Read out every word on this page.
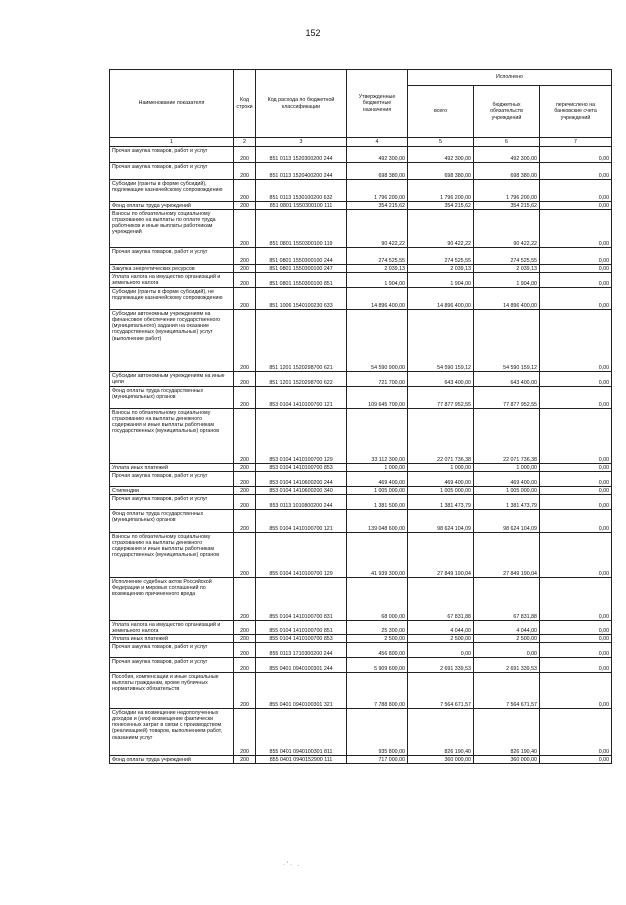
152
Наименование показателя	Код строки	Код расхода по бюджетной классификации	Утвержденные бюджетные назначения	Исполнено		
				всего	бюджетных обязательств учреждений	перечислено на банковские счета учреждений
1	2	3	4	5	6	7
Прочая закупка товаров, работ и услуг	200	851 0113 1520300200 244	492 300,00	492 300,00	492 300,00	0,00
Прочая закупка товаров, работ и услуг	200	851 0113 1520400200 244	698 380,00	698 380,00	698 380,00	0,00
Субсидии (гранты в форме субсидий), подлежащие казначейскому сопровождению	200	851 0113 1530100200 632	1 796 200,00	1 796 200,00	1 796 200,00	0,00
Фонд оплаты труда учреждений	200	851 0801 1550300100 111	354 215,62	354 215,62	354 215,62	0,00
Взносы по обязательному социальному страхованию на выплаты по оплате труда работников и иные выплаты работникам учреждений	200	851 0801 1550300100 119	90 422,22	90 422,22	90 422,22	0,00
Прочая закупка товаров, работ и услуг	200	851 0801 1550300100 244	274 525,55	274 525,55	274 525,55	0,00
Закупка энергетических ресурсов	200	851 0801 1550300100 247	2 039,13	2 039,13	2 039,13	0,00
Уплата налога на имущество организаций и земельного налога	200	851 0801 1550300100 851	1 904,00	1 904,00	1 904,00	0,00
Субсидии (гранты в форме субсидий), не подлежащие казначейскому сопровождению	200	851 1006 1540100230 633	14 896 400,00	14 896 400,00	14 896 400,00	0,00
Субсидии автономным учреждениям на финансовое обеспечение государственного (муниципального) задания на оказание государственных (муниципальных) услуг (выполнение работ)	200	851 1201 1520298700 621	54 590 900,00	54 590 159,12	54 590 159,12	0,00
Субсидии автономным учреждениям на иные цели	200	851 1201 1520298700 622	721 700,00	643 400,00	643 400,00	0,00
Фонд оплаты труда государственных (муниципальных) органов	200	853 0104 1410100700 121	109 645 700,00	77 877 952,55	77 877 952,55	0,00
Взносы по обязательному социальному страхованию на выплаты денежного содержания и иные выплаты работникам государственных (муниципальных) органов	200	853 0104 1410100700 129	33 112 300,00	22 071 736,38	22 071 736,38	0,00
Уплата иных платежей	200	853 0104 1410100700 853	1 000,00	1 000,00	1 000,00	0,00
Прочая закупка товаров, работ и услуг	200	853 0104 1410600200 244	469 400,00	469 400,00	469 400,00	0,00
Стипендии	200	853 0104 1410600200 340	1 005 000,00	1 005 000,00	1 005 000,00	0,00
Прочая закупка товаров, работ и услуг	200	853 0113 1010800200 244	1 381 500,00	1 381 473,79	1 381 473,79	0,00
Фонд оплаты труда государственных (муниципальных) органов	200	855 0104 1410100700 121	139 048 600,00	98 624 104,09	98 624 104,09	0,00
Взносы по обязательному социальному страхованию на выплаты денежного содержания и иные выплаты работникам государственных (муниципальных) органов	200	855 0104 1410100700 129	41 939 300,00	27 849 190,04	27 849 190,04	0,00
Исполнение судебных актов Российской Федерации и мировых соглашений по возмещению причиненного вреда	200	855 0104 1410100700 831	68 000,00	67 831,88	67 831,88	0,00
Уплата налога на имущество организаций и земельного налога	200	855 0104 1410100700 851	25 300,00	4 044,00	4 044,00	0,00
Уплата иных платежей	200	855 0104 1410100700 853	2 500,00	2 500,00	2 500,00	0,00
Прочая закупка товаров, работ и услуг	200	855 0113 1710300200 244	456 800,00	0,00	0,00	0,00
Прочая закупка товаров, работ и услуг	200	855 0401 0940100301 244	5 909 600,00	2 691 339,53	2 691 339,53	0,00
Пособия, компенсации и иные социальные выплаты гражданам, кроме публичных нормативных обязательств	200	855 0401 0940100301 321	7 788 800,00	7 564 671,57	7 564 671,57	0,00
Субсидии на возмещение недополученных доходов и (или) возмещение фактически понесенных затрат в связи с производством (реализацией) товаров, выполнением работ, оказанием услуг	200	855 0401 0940100301 811	935 800,00	826 190,40	826 190,40	0,00
Фонд оплаты труда учреждений	200	855 0401 0940152900 111	717 000,00	360 000,00	360 000,00	0,00
·'· .
